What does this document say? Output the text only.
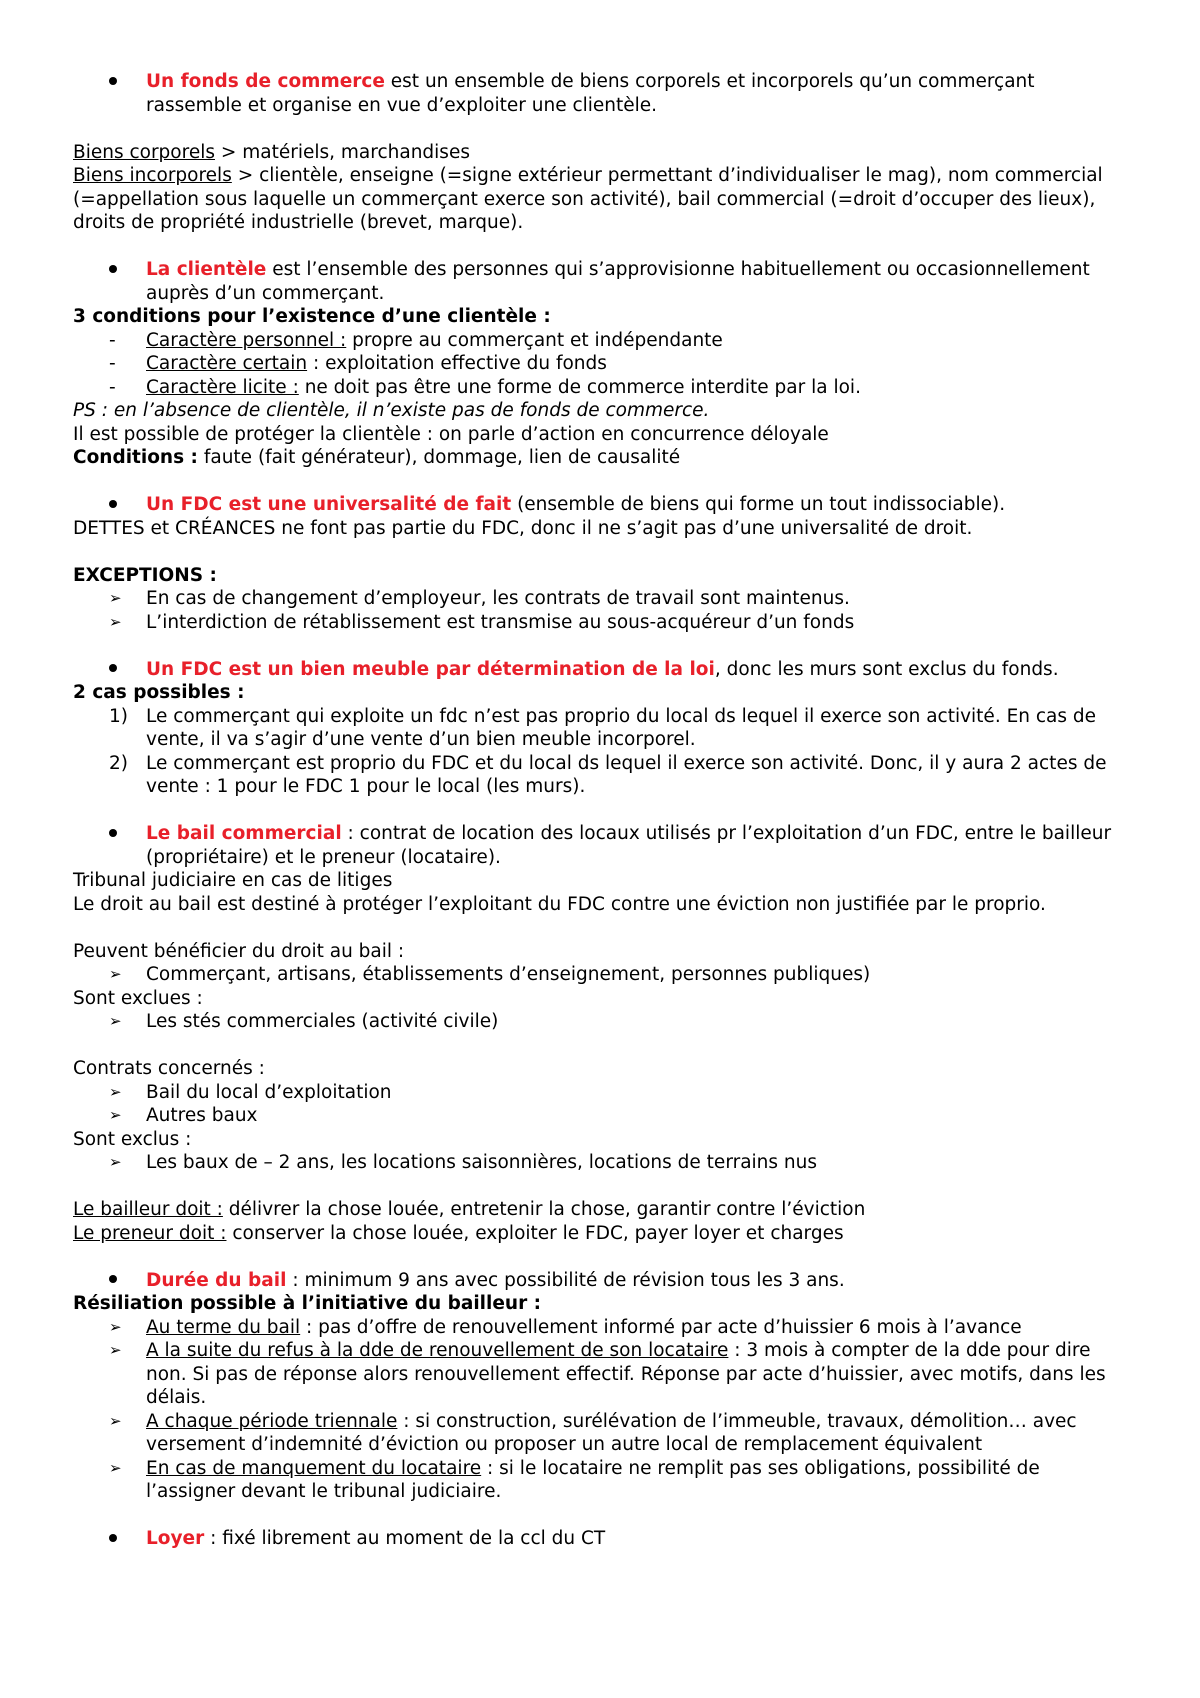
Un fonds de commerce est un ensemble de biens corporels et incorporels qu’un commerçant rassemble et organise en vue d’exploiter une clientèle.
Biens corporels > matériels, marchandises
Biens incorporels > clientèle, enseigne (=signe extérieur permettant d’individualiser le mag), nom commercial (=appellation sous laquelle un commerçant exerce son activité), bail commercial (=droit d’occuper des lieux), droits de propriété industrielle (brevet, marque).
La clientèle est l’ensemble des personnes qui s’approvisionne habituellement ou occasionnellement auprès d’un commerçant.
3 conditions pour l’existence d’une clientèle :
-	Caractère personnel : propre au commerçant et indépendante
-	Caractère certain : exploitation effective du fonds
-	Caractère licite : ne doit pas être une forme de commerce interdite par la loi.
PS : en l’absence de clientèle, il n’existe pas de fonds de commerce.
Il est possible de protéger la clientèle : on parle d’action en concurrence déloyale
Conditions : faute (fait générateur), dommage, lien de causalité
Un FDC est une universalité de fait (ensemble de biens qui forme un tout indissociable).
DETTES et CRÉANCES ne font pas partie du FDC, donc il ne s’agit pas d’une universalité de droit.
EXCEPTIONS :
➢	En cas de changement d’employeur, les contrats de travail sont maintenus.
➢	L’interdiction de rétablissement est transmise au sous-acquéreur d’un fonds
Un FDC est un bien meuble par détermination de la loi, donc les murs sont exclus du fonds.
2 cas possibles :
1) Le commerçant qui exploite un fdc n’est pas proprio du local ds lequel il exerce son activité. En cas de vente, il va s’agir d’une vente d’un bien meuble incorporel.
2) Le commerçant est proprio du FDC et du local ds lequel il exerce son activité. Donc, il y aura 2 actes de vente : 1 pour le FDC 1 pour le local (les murs).
Le bail commercial : contrat de location des locaux utilisés pr l’exploitation d’un FDC, entre le bailleur (propriétaire) et le preneur (locataire).
Tribunal judiciaire en cas de litiges
Le droit au bail est destiné à protéger l’exploitant du FDC contre une éviction non justifiée par le proprio.
Peuvent bénéficier du droit au bail :
➢	Commerçant, artisans, établissements d’enseignement, personnes publiques)
Sont exclues :
➢	Les stés commerciales (activité civile)
Contrats concernés :
➢	Bail du local d’exploitation
➢	Autres baux
Sont exclus :
➢	Les baux de – 2 ans, les locations saisonnières, locations de terrains nus
Le bailleur doit : délivrer la chose louée, entretenir la chose, garantir contre l’éviction
Le preneur doit : conserver la chose louée, exploiter le FDC, payer loyer et charges
Durée du bail : minimum 9 ans avec possibilité de révision tous les 3 ans.
Résiliation possible à l’initiative du bailleur :
➢	Au terme du bail : pas d’offre de renouvellement informé par acte d’huissier 6 mois à l’avance
➢	A la suite du refus à la dde de renouvellement de son locataire : 3 mois à compter de la dde pour dire non. Si pas de réponse alors renouvellement effectif. Réponse par acte d’huissier, avec motifs, dans les délais.
➢	A chaque période triennale : si construction, surélévation de l’immeuble, travaux, démolition… avec versement d’indemnité d’éviction ou proposer un autre local de remplacement équivalent
➢	En cas de manquement du locataire : si le locataire ne remplit pas ses obligations, possibilité de l’assigner devant le tribunal judiciaire.
Loyer : fixé librement au moment de la ccl du CT
